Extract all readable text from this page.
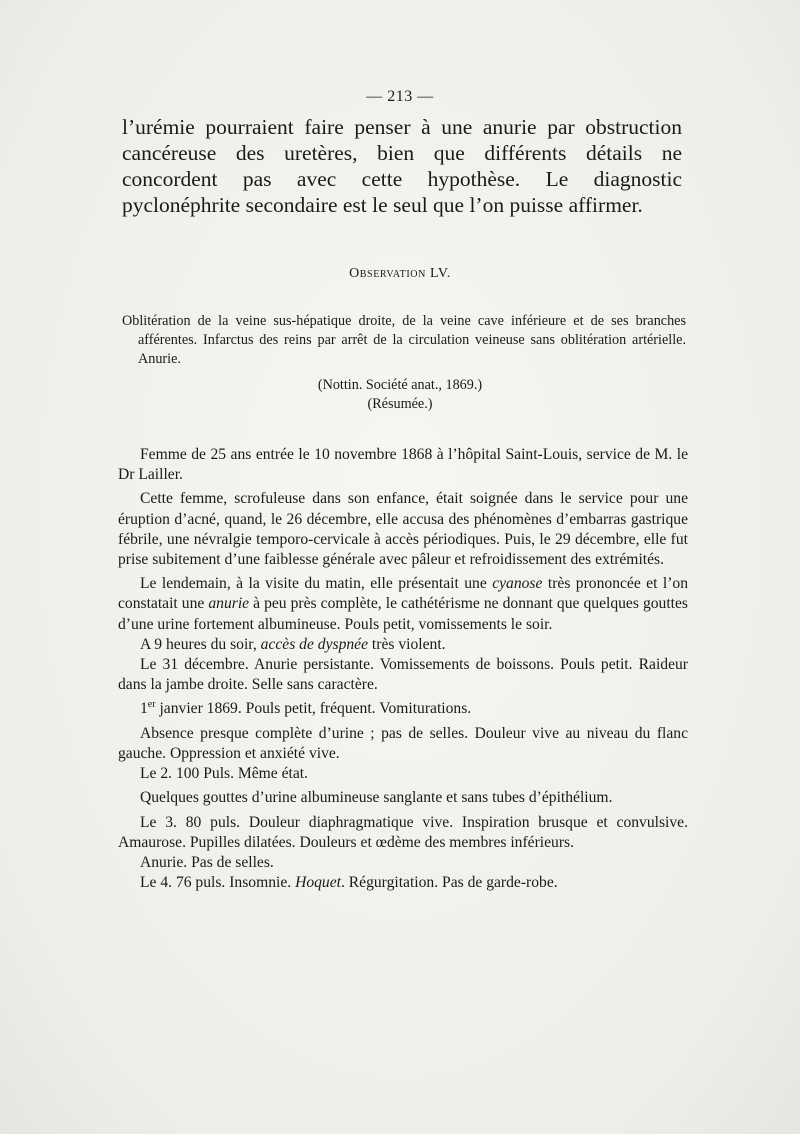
— 213 —

l’urémie pourraient faire penser à une anurie par obstruction cancéreuse des uretères, bien que différents détails ne concordent pas avec cette hypothèse. Le diagnostic pyclonéphrite secondaire est le seul que l’on puisse affirmer.

Observation LV.

Oblitération de la veine sus-hépatique droite, de la veine cave inférieure et de ses branches afférentes. Infarctus des reins par arrêt de la circulation veineuse sans oblitération artérielle. Anurie.

(Nottin. Société anat., 1869.)
(Résumée.)

Femme de 25 ans entrée le 10 novembre 1868 à l’hôpital Saint-Louis, service de M. le Dr Lailler.

Cette femme, scrofuleuse dans son enfance, était soignée dans le service pour une éruption d’acné, quand, le 26 décembre, elle accusa des phénomènes d’embarras gastrique fébrile, une névralgie temporo-cervicale à accès périodiques. Puis, le 29 décembre, elle fut prise subitement d’une faiblesse générale avec pâleur et refroidissement des extrémités.

Le lendemain, à la visite du matin, elle présentait une cyanose très prononcée et l’on constatait une anurie à peu près complète, le cathétérisme ne donnant que quelques gouttes d’une urine fortement albumineuse. Pouls petit, vomissements le soir.

A 9 heures du soir, accès de dyspnée très violent.

Le 31 décembre. Anurie persistante. Vomissements de boissons. Pouls petit. Raideur dans la jambe droite. Selle sans caractère.

1er janvier 1869. Pouls petit, fréquent. Vomiturations.

Absence presque complète d’urine ; pas de selles. Douleur vive au niveau du flanc gauche. Oppression et anxiété vive.

Le 2. 100 Puls. Même état.

Quelques gouttes d’urine albumineuse sanglante et sans tubes d’épithélium.

Le 3. 80 puls. Douleur diaphragmatique vive. Inspiration brusque et convulsive. Amaurose. Pupilles dilatées. Douleurs et œdème des membres inférieurs.

Anurie. Pas de selles.

Le 4. 76 puls. Insomnie. Hoquet. Régurgitation. Pas de garde-robe.
